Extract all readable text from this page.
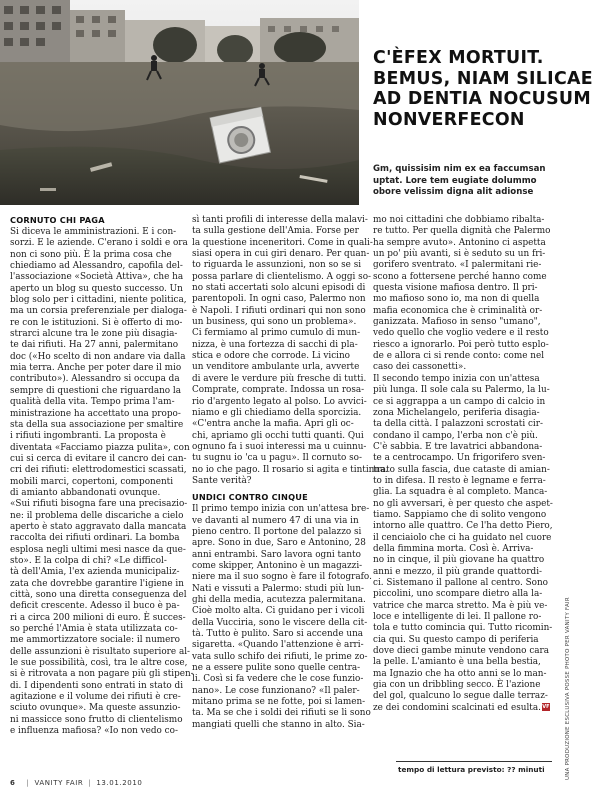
C'ÈFEX MORTUIT.
BEMUS, NIAM SILICAE
AD DENTIA NOCUSUM
NONVERFECON
Gm, quissisim nim ex ea faccumsan
uptat. Lore tem eugiate dolummo
obore velissim digna alit adionse
CORNUTO CHI PAGA

Si diceva le amministrazioni. E i con-
sorzi. E le aziende. C'erano i soldi e ora
non ci sono più. È la prima cosa che
chiediamo ad Alessandro, capofila del-
l'associazione «Società Attiva», che ha
aperto un blog su questo successo. Un
blog solo per i cittadini, niente politica,
ma un corsia preferenziale per dialoga-
re con le istituzioni. Si è offerto di mo-
strarci alcune tra le zone più disagia-
te dai rifiuti. Ha 27 anni, palermitano
doc («Ho scelto di non andare via dalla
mia terra. Anche per poter dare il mio
contributo»). Alessandro si occupa da
sempre di questioni che riguardano la
qualità della vita. Tempo prima l'am-
ministrazione ha accettato una propo-
sta della sua associazione per smaltire
i rifiuti ingombranti. La proposta è
diventata «Facciamo piazza pulita», con
cui si cerca di evitare il cancro dei can-
cri dei rifiuti: elettrodomestici scassati,
mobili marci, copertoni, componenti
di amianto abbandonati ovunque.

«Sui rifiuti bisogna fare una precisazio-
ne: il problema delle discariche a cielo
aperto è stato aggravato dalla mancata
raccolta dei rifiuti ordinari. La bomba
esplosa negli ultimi mesi nasce da que-
sto». E la colpa di chi? «Le difficol-
tà dell'Amia, l'ex azienda municipaliz-
zata che dovrebbe garantire l'igiene in
città, sono una diretta conseguenza del
deficit crescente. Adesso il buco è pa-
ri a circa 200 milioni di euro. È succes-
so perché l'Amia è stata utilizzata co-
me ammortizzatore sociale: il numero
delle assunzioni è risultato superiore al-
le sue possibilità, così, tra le altre cose,
si è ritrovata a non pagare più gli stipen-
di. I dipendenti sono entrati in stato di
agitazione e il volume dei rifiuti è cre-
sciuto ovunque». Ma queste assunzio-
ni massicce sono frutto di clientelismo
e influenza mafiosa? «Io non vedo co-

sì tanti profili di interesse della malavi-
ta sulla gestione dell'Amia. Forse per
la questione inceneritori. Come in quali-
siasi opera in cui giri denaro. Per quan-
to riguarda le assunzioni, non so se si
possa parlare di clientelismo. A oggi so-
no stati accertati solo alcuni episodi di
parentopoli. In ogni caso, Palermo non
è Napoli. I rifiuti ordinari qui non sono
un business, qui sono un problema».

Ci fermiamo al primo cumulo di mun-
nizza, è una fortezza di sacchi di pla-
stica e odore che corrode. Li vicino
un venditore ambulante urla, avverte
di avere le verdure più fresche di tutti.
Comprate, comprate. Indossa un rosa-
rio d'argento legato al polso. Lo avvici-
niamo e gli chiediamo della sporcizia.
«C'entra anche la mafia. Apri gli oc-
chi, apriamo gli occhi tutti quanti. Qui
ognuno fa i suoi interessi ma u cuinnu-
tu sugnu io 'ca u pagu». Il cornuto so-
no io che pago. Il rosario si agita e tintinna.
Sante verità?

UNDICI CONTRO CINQUE

Il primo tempo inizia con un'attesa bre-
ve davanti al numero 47 di una via in
pieno centro. Il portone del palazzo si
apre. Sono in due, Saro e Antonino, 28
anni entrambi. Saro lavora ogni tanto
come skipper, Antonino è un magazzi-
niere ma il suo sogno è fare il fotografo.
Nati e vissuti a Palermo: studi più lun-
ghi della media, acutezza palermitana.
Cioè molto alta. Ci guidano per i vicoli
della Vucciria, sono le viscere della cit-
tà. Tutto è pulito. Saro si accende una
sigaretta. «Quando l'attenzione è arri-
vata sullo schifo dei rifiuti, le prime zo-
ne a essere pulite sono quelle centra-
li. Così si fa vedere che le cose funzio-
nano». Le cose funzionano? «Il paler-
mitano prima se ne fotte, poi si lamen-
ta. Ma se che i soldi dei rifiuti se li sono
mangiati quelli che stanno in alto. Sia-

mo noi cittadini che dobbiamo ribalta-
re tutto. Per quella dignità che Palermo
ha sempre avuto». Antonino ci aspetta
un po' più avanti, si è seduto su un fri-
gorifero sventrato. «I palermitani rie-
scono a fottersene perché hanno come
questa visione mafiosa dentro. Il pri-
mo mafioso sono io, ma non di quella
mafia economica che è criminalità or-
ganizzata. Mafioso in senso "umano",
vedo quello che voglio vedere e il resto
riesco a ignorarlo. Poi però tutto esplo-
de e allora ci si rende conto: come nel
caso dei cassonetti».

Il secondo tempo inizia con un'attesa
più lunga. Il sole cala su Palermo, la lu-
ce si aggrappa a un campo di calcio in
zona Michelangelo, periferia disagia-
ta della città. I palazzoni scrostati cir-
condano il campo, l'erba non c'è più.
C'è sabbia. E tre lavatrici abbandona-
te a centrocampo. Un frigorifero sven-
trato sulla fascia, due cataste di amian-
to in difesa. Il resto è legname e ferra-
glia. La squadra è al completo. Manca-
no gli avversari, è per questo che aspet-
tiamo. Sappiamo che di solito vengono
intorno alle quattro. Ce l'ha detto Piero,
il cenciaiolo che ci ha guidato nel cuore
della fimmina morta. Così è. Arriva-
no in cinque, il più giovane ha quattro
anni e mezzo, il più grande quattordi-
ci. Sistemano il pallone al centro. Sono
piccolini, uno scompare dietro alla la-
vatrice che marca stretto. Ma è più ve-
loce e intelligente di lei. Il pallone ro-
tola e tutto comincia qui. Tutto ricomin-
cia qui. Su questo campo di periferia
dove dieci gambe minute vendono cara
la pelle. L'amianto è una bella bestia,
ma Ignazio che ha otto anni se lo man-
gia con un dribbling secco. È l'azione
del gol, qualcuno lo segue dalle terraz-
ze dei condomini scalcinati ed esulta.VF

tempo di lettura previsto: ?? minuti	UNA PRODUZIONE ESCLUSIVA POSSE PHOTO PER VANITY FAIR
6 | VANITY FAIR | 13.01.2010
